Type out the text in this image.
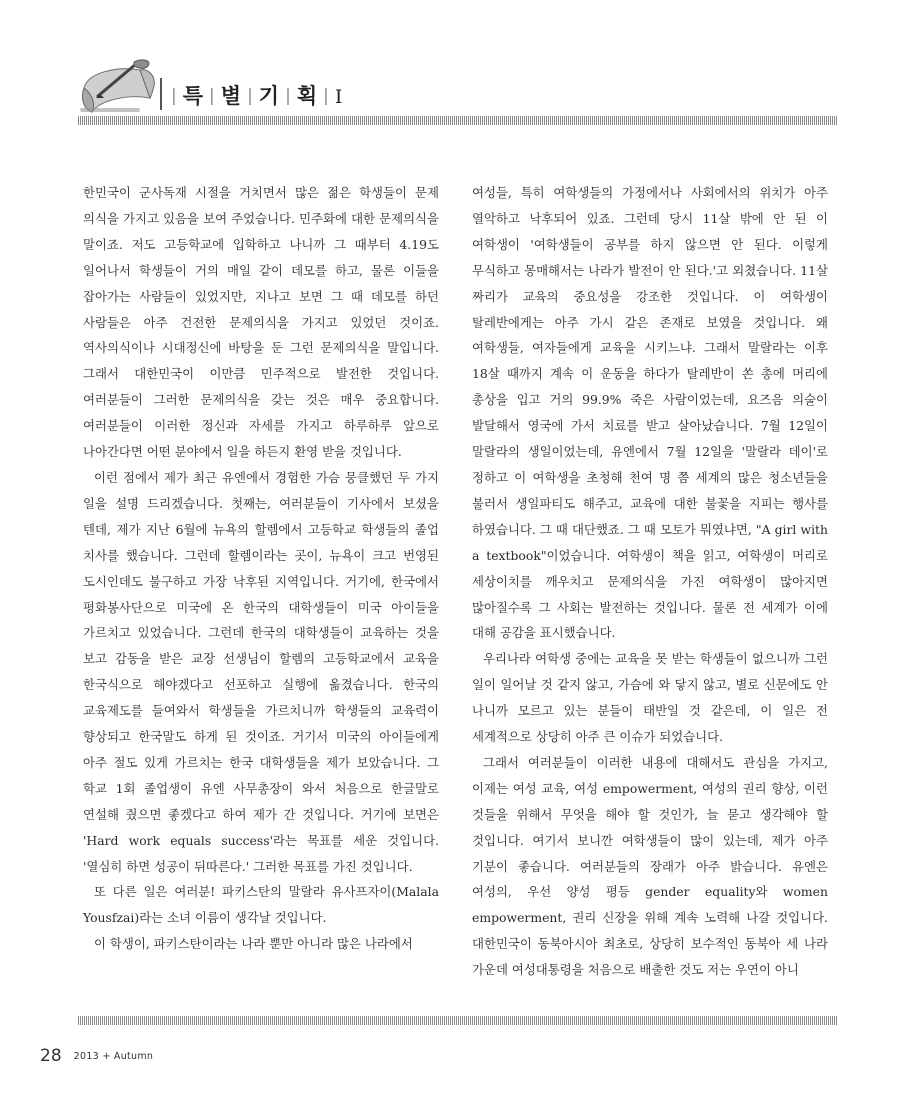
| 특 | 별 | 기 | 획 | I

한민국이 군사독재 시절을 거치면서 많은 젊은 학생들이 문제 의식을 가지고 있음을 보여 주었습니다. 민주화에 대한 문제의식을 말이죠. 저도 고등학교에 입학하고 나니까 그 때부터 4.19도 일어나서 학생들이 거의 매일 같이 데모를 하고, 물론 이들을 잡아가는 사람들이 있었지만, 지나고 보면 그 때 데모를 하던 사람들은 아주 건전한 문제의식을 가지고 있었던 것이죠. 역사의식이나 시대정신에 바탕을 둔 그런 문제의식을 말입니다. 그래서 대한민국이 이만큼 민주적으로 발전한 것입니다. 여러분들이 그러한 문제의식을 갖는 것은 매우 중요합니다. 여러분들이 이러한 정신과 자세를 가지고 하루하루 앞으로 나아간다면 어떤 분야에서 일을 하든지 환영 받을 것입니다.

이런 점에서 제가 최근 유엔에서 경험한 가슴 뭉클했던 두 가지 일을 설명 드리겠습니다. 첫째는, 여러분들이 기사에서 보셨을 텐데, 제가 지난 6월에 뉴욕의 할렘에서 고등학교 학생들의 졸업 치사를 했습니다. 그런데 할렘이라는 곳이, 뉴욕이 크고 번영된 도시인데도 불구하고 가장 낙후된 지역입니다. 거기에, 한국에서 평화봉사단으로 미국에 온 한국의 대학생들이 미국 아이들을 가르치고 있었습니다. 그런데 한국의 대학생들이 교육하는 것을 보고 감동을 받은 교장 선생님이 할렘의 고등학교에서 교육을 한국식으로 해야겠다고 선포하고 실행에 옮겼습니다. 한국의 교육제도를 들여와서 학생들을 가르치니까 학생들의 교육력이 향상되고 한국말도 하게 된 것이죠. 거기서 미국의 아이들에게 아주 절도 있게 가르치는 한국 대학생들을 제가 보았습니다. 그 학교 1회 졸업생이 유엔 사무총장이 와서 처음으로 한글말로 연설해 줬으면 좋겠다고 하여 제가 간 것입니다. 거기에 보면은 'Hard work equals success'라는 목표를 세운 것입니다. '열심히 하면 성공이 뒤따른다.' 그러한 목표를 가진 것입니다.

또 다른 일은 여러분! 파키스탄의 말랄라 유사프자이(Malala Yousfzai)라는 소녀 이름이 생각날 것입니다.

이 학생이, 파키스탄이라는 나라 뿐만 아니라 많은 나라에서

여성들, 특히 여학생들의 가정에서나 사회에서의 위치가 아주 열악하고 낙후되어 있죠. 그런데 당시 11살 밖에 안 된 이 여학생이 '여학생들이 공부를 하지 않으면 안 된다. 이렇게 무식하고 몽매해서는 나라가 발전이 안 된다.'고 외쳤습니다. 11살 짜리가 교육의 중요성을 강조한 것입니다. 이 여학생이 탈레반에게는 아주 가시 같은 존재로 보였을 것입니다. 왜 여학생들, 여자들에게 교육을 시키느냐. 그래서 말랄라는 이후 18살 때까지 계속 이 운동을 하다가 탈레반이 쏜 총에 머리에 총상을 입고 거의 99.9% 죽은 사람이었는데, 요즈음 의술이 발달해서 영국에 가서 치료를 받고 살아났습니다. 7월 12일이 말랄라의 생일이었는데, 유엔에서 7월 12일을 '말랄라 데이'로 정하고 이 여학생을 초청해 천여 명 쯤 세계의 많은 청소년들을 불러서 생일파티도 해주고, 교육에 대한 불꽃을 지피는 행사를 하였습니다. 그 때 대단했죠. 그 때 모토가 뭐였냐면, "A girl with a textbook"이었습니다. 여학생이 책을 읽고, 여학생이 머리로 세상이치를 깨우치고 문제의식을 가진 여학생이 많아지면 많아질수록 그 사회는 발전하는 것입니다. 물론 전 세계가 이에 대해 공감을 표시했습니다.

우리나라 여학생 중에는 교육을 못 받는 학생들이 없으니까 그런 일이 일어날 것 같지 않고, 가슴에 와 닿지 않고, 별로 신문에도 안 나니까 모르고 있는 분들이 태반일 것 같은데, 이 일은 전 세계적으로 상당히 아주 큰 이슈가 되었습니다.

그래서 여러분들이 이러한 내용에 대해서도 관심을 가지고, 이제는 여성 교육, 여성 empowerment, 여성의 권리 향상, 이런 것들을 위해서 무엇을 해야 할 것인가, 늘 묻고 생각해야 할 것입니다. 여기서 보니깐 여학생들이 많이 있는데, 제가 아주 기분이 좋습니다. 여러분들의 장래가 아주 밝습니다. 유엔은 여성의, 우선 양성 평등 gender equality와 women empowerment, 권리 신장을 위해 계속 노력해 나갈 것입니다. 대한민국이 동북아시아 최초로, 상당히 보수적인 동북아 세 나라 가운데 여성대통령을 처음으로 배출한 것도 저는 우연이 아니

28 2013 + Autumn
